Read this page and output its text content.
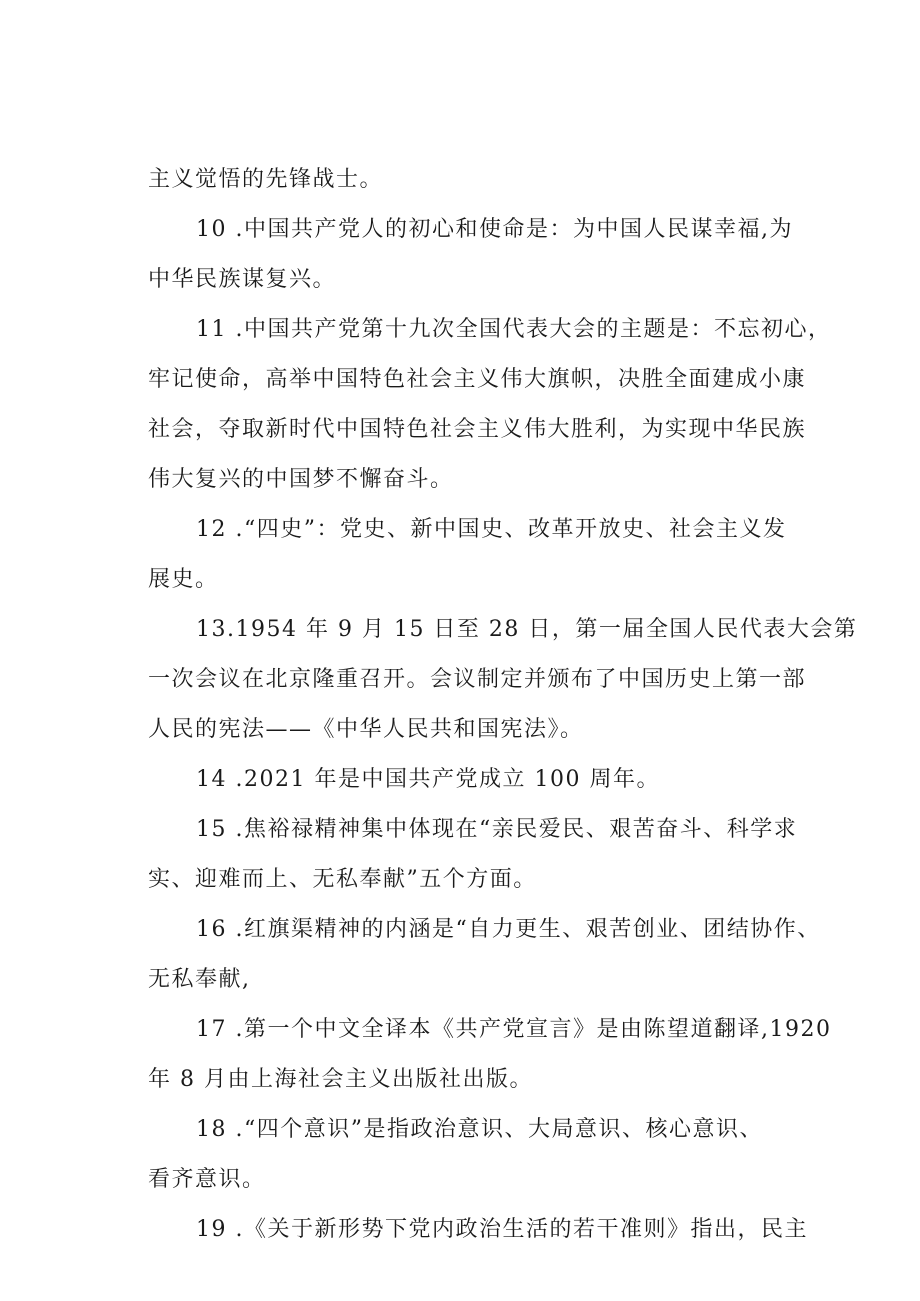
主义觉悟的先锋战士。
10 .中国共产党人的初心和使命是：为中国人民谋幸福,为
中华民族谋复兴。
11 .中国共产党第十九次全国代表大会的主题是：不忘初心，
牢记使命，高举中国特色社会主义伟大旗帜，决胜全面建成小康
社会，夺取新时代中国特色社会主义伟大胜利，为实现中华民族
伟大复兴的中国梦不懈奋斗。
12 .“四史”：党史、新中国史、改革开放史、社会主义发
展史。
13.1954 年 9 月 15 日至 28 日，第一届全国人民代表大会第
一次会议在北京隆重召开。会议制定并颁布了中国历史上第一部
人民的宪法——《中华人民共和国宪法》。
14 .2021 年是中国共产党成立 100 周年。
15 .焦裕禄精神集中体现在“亲民爱民、艰苦奋斗、科学求
实、迎难而上、无私奉献”五个方面。
16 .红旗渠精神的内涵是“自力更生、艰苦创业、团结协作、
无私奉献,
17 .第一个中文全译本《共产党宣言》是由陈望道翻译,1920
年 8 月由上海社会主义出版社出版。
18 .“四个意识”是指政治意识、大局意识、核心意识、
看齐意识。
19 .《关于新形势下党内政治生活的若干准则》指出，民主
